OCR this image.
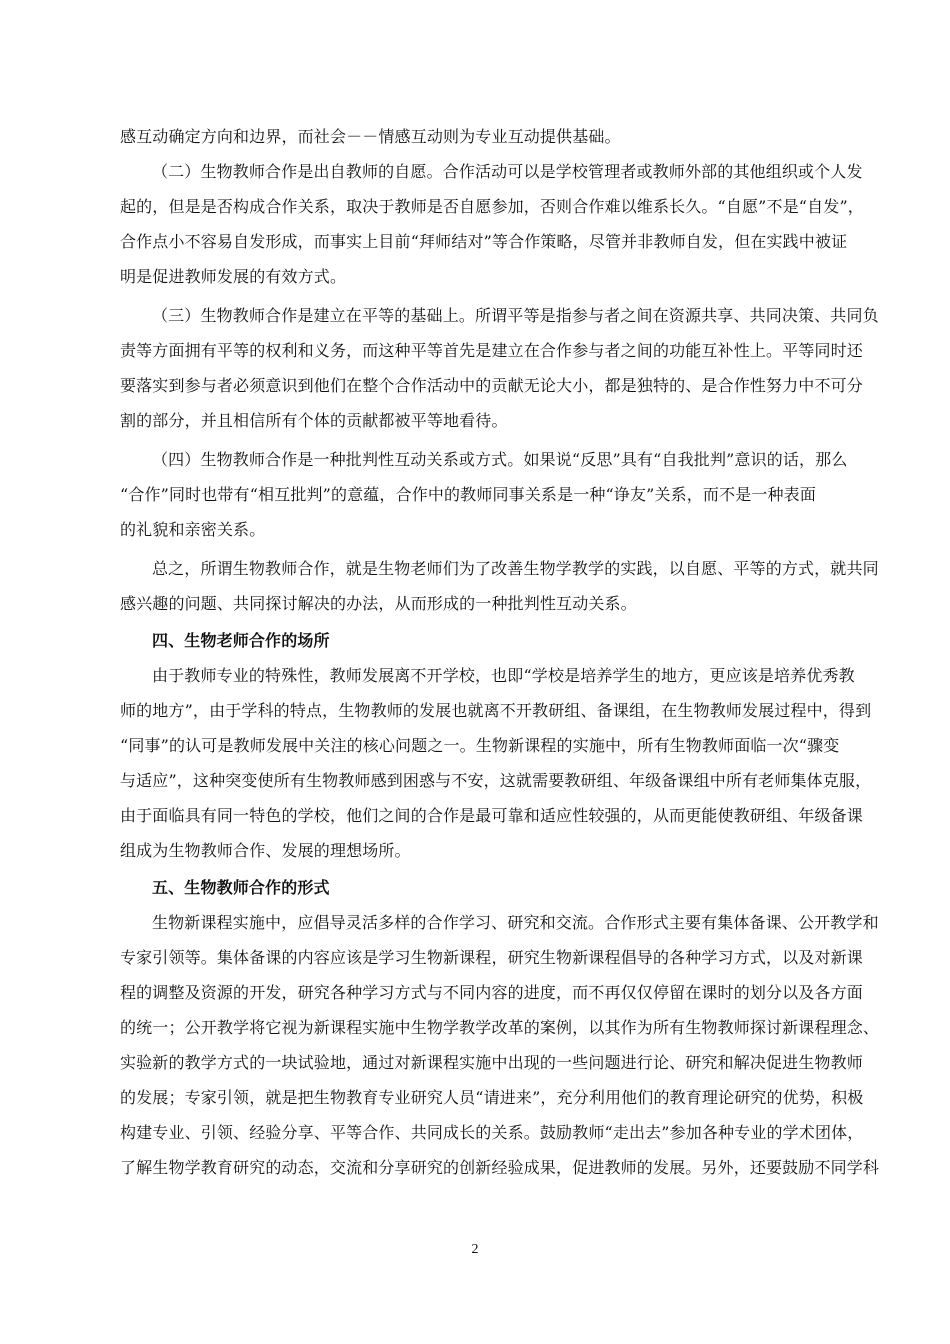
感互动确定方向和边界，而社会－－情感互动则为专业互动提供基础。
（二）生物教师合作是出自教师的自愿。合作活动可以是学校管理者或教师外部的其他组织或个人发
起的，但是是否构成合作关系，取决于教师是否自愿参加，否则合作难以维系长久。“自愿”不是“自发”，
合作点小不容易自发形成，而事实上目前“拜师结对”等合作策略，尽管并非教师自发，但在实践中被证
明是促进教师发展的有效方式。
（三）生物教师合作是建立在平等的基础上。所谓平等是指参与者之间在资源共享、共同决策、共同负
责等方面拥有平等的权利和义务，而这种平等首先是建立在合作参与者之间的功能互补性上。平等同时还
要落实到参与者必须意识到他们在整个合作活动中的贡献无论大小，都是独特的、是合作性努力中不可分
割的部分，并且相信所有个体的贡献都被平等地看待。
（四）生物教师合作是一种批判性互动关系或方式。如果说“反思”具有“自我批判”意识的话，那么
“合作”同时也带有“相互批判”的意蕴，合作中的教师同事关系是一种“诤友”关系，而不是一种表面
的礼貌和亲密关系。
总之，所谓生物教师合作，就是生物老师们为了改善生物学教学的实践，以自愿、平等的方式，就共同
感兴趣的问题、共同探讨解决的办法，从而形成的一种批判性互动关系。
四、生物老师合作的场所
由于教师专业的特殊性，教师发展离不开学校，也即“学校是培养学生的地方，更应该是培养优秀教
师的地方”，由于学科的特点，生物教师的发展也就离不开教研组、备课组，在生物教师发展过程中，得到
“同事”的认可是教师发展中关注的核心问题之一。生物新课程的实施中，所有生物教师面临一次“骤变
与适应”，这种突变使所有生物教师感到困惑与不安，这就需要教研组、年级备课组中所有老师集体克服，
由于面临具有同一特色的学校，他们之间的合作是最可靠和适应性较强的，从而更能使教研组、年级备课
组成为生物教师合作、发展的理想场所。
五、生物教师合作的形式
生物新课程实施中，应倡导灵活多样的合作学习、研究和交流。合作形式主要有集体备课、公开教学和
专家引领等。集体备课的内容应该是学习生物新课程，研究生物新课程倡导的各种学习方式，以及对新课
程的调整及资源的开发，研究各种学习方式与不同内容的进度，而不再仅仅停留在课时的划分以及各方面
的统一；公开教学将它视为新课程实施中生物学教学改革的案例，以其作为所有生物教师探讨新课程理念、
实验新的教学方式的一块试验地，通过对新课程实施中出现的一些问题进行论、研究和解决促进生物教师
的发展；专家引领，就是把生物教育专业研究人员“请进来”，充分利用他们的教育理论研究的优势，积极
构建专业、引领、经验分享、平等合作、共同成长的关系。鼓励教师“走出去”参加各种专业的学术团体，
了解生物学教育研究的动态，交流和分享研究的创新经验成果，促进教师的发展。另外，还要鼓励不同学科
2
